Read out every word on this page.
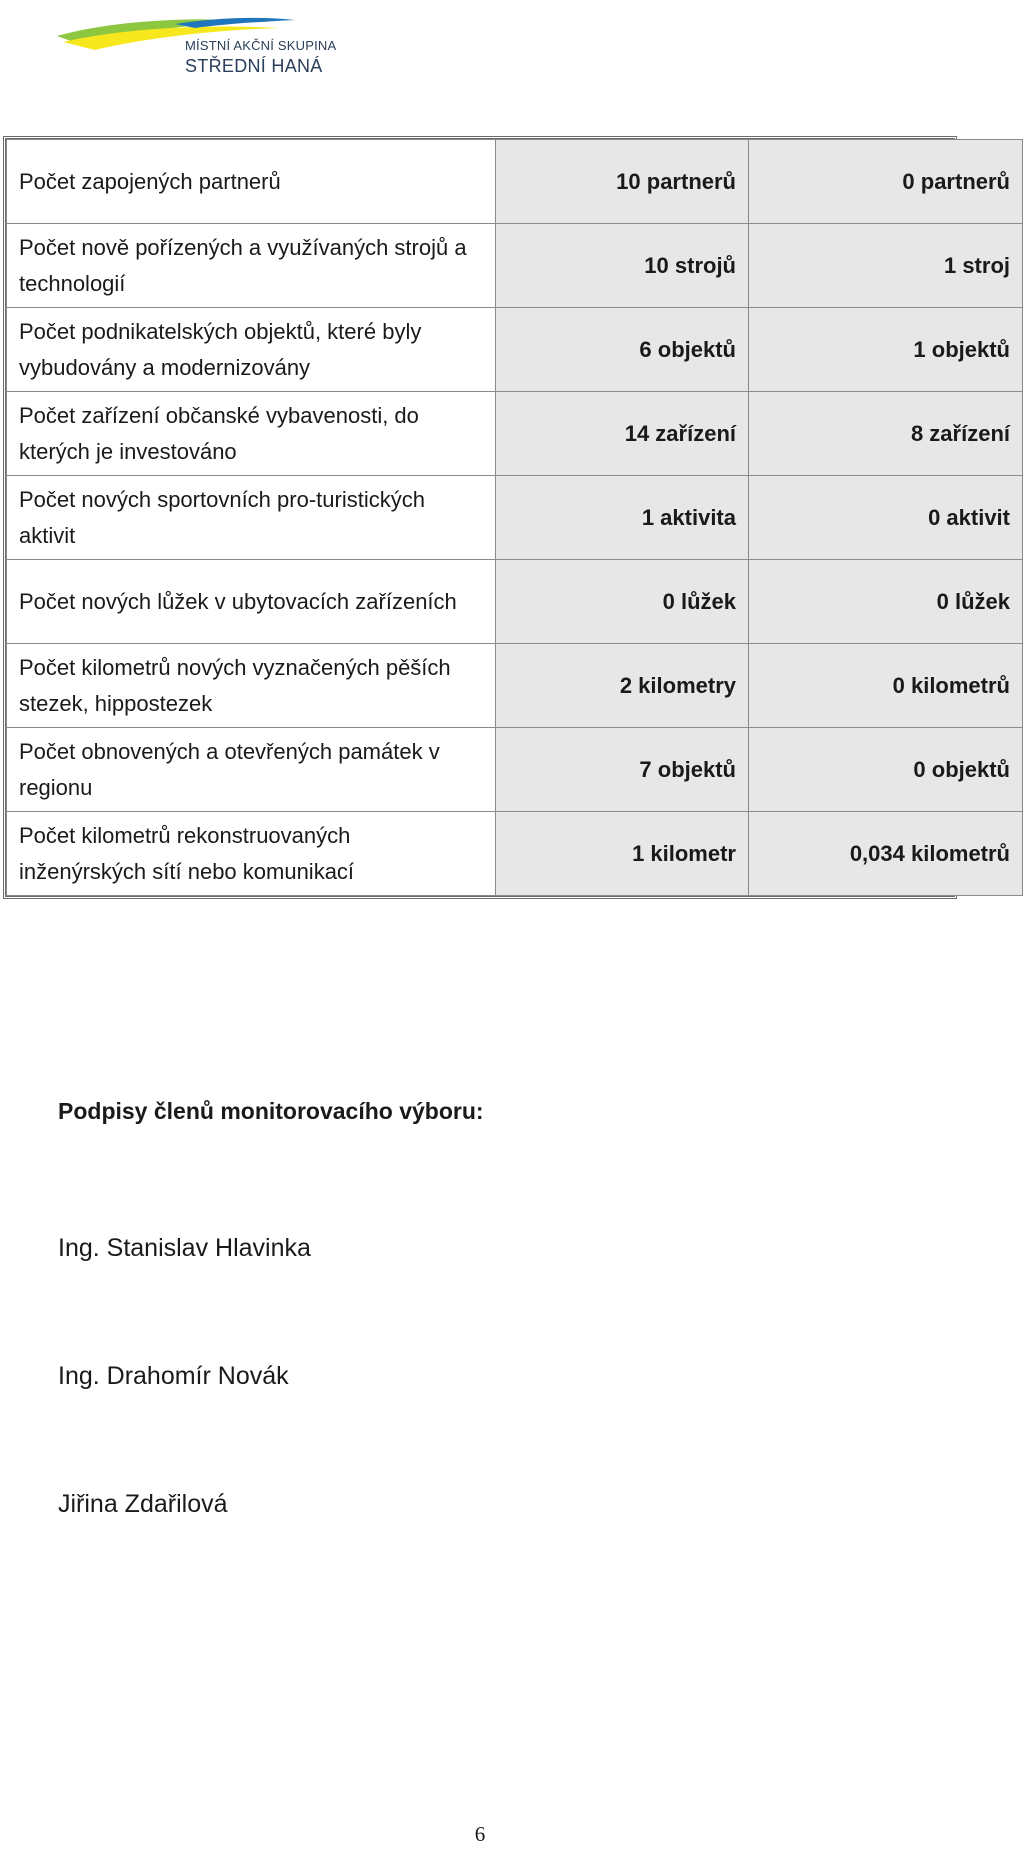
MÍSTNÍ AKČNÍ SKUPINA
STŘEDNÍ HANÁ
Počet zapojených partnerů	10 partnerů	0 partnerů
Počet nově pořízených a využívaných strojů a technologií	10 strojů	1 stroj
Počet podnikatelských objektů, které byly vybudovány a modernizovány	6 objektů	1 objektů
Počet zařízení občanské vybavenosti, do kterých je investováno	14 zařízení	8 zařízení
Počet nových sportovních pro-turistických aktivit	1 aktivita	0 aktivit
Počet nových lůžek v ubytovacích zařízeních	0 lůžek	0 lůžek
Počet kilometrů nových vyznačených pěších stezek, hippostezek	2 kilometry	0 kilometrů
Počet obnovených a otevřených památek v regionu	7 objektů	0 objektů
Počet kilometrů rekonstruovaných inženýrských sítí nebo komunikací	1 kilometr	0,034 kilometrů
Podpisy členů monitorovacího výboru:
Ing. Stanislav Hlavinka
Ing. Drahomír Novák
Jiřina Zdařilová
6
